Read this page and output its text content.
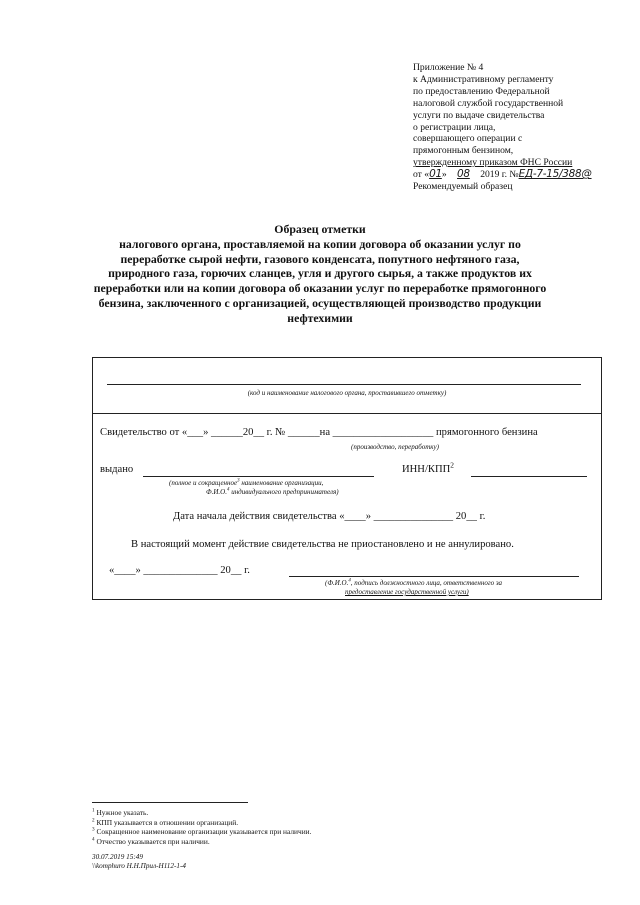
Приложение № 4
к Административному регламенту
по предоставлению Федеральной
налоговой службой государственной
услуги по выдаче свидетельства
о регистрации лица,
совершающего операции с
прямогонным бензином,
утвержденному приказом ФНС России
от «01» 08 2019 г. №ЕД-7-15/388@
Рекомендуемый образец
Образец отметки
налогового органа, проставляемой на копии договора об оказании услуг по
переработке сырой нефти, газового конденсата, попутного нефтяного газа,
природного газа, горючих сланцев, угля и другого сырья, а также продуктов их
переработки или на копии договора об оказании услуг по переработке прямогонного
бензина, заключенного с организацией, осуществляющей производство продукции
нефтехимии
(код и наименование налогового органа, проставившего отметку)
Свидетельство от «___» ______20__ г. № ______на ___________________ прямогонного бензина
(производство, переработку)
выдано	ИНН/КПП$^2$
(полное и сокращенное$^3$ наименование организации,
Ф.И.О.$^4$ индивидуального предпринимателя)
Дата начала действия свидетельства «____» _______________ 20__ г.
В настоящий момент действие свидетельства не приостановлено и не аннулировано.
«____» ______________ 20__ г.
(Ф.И.О.$^4$, подпись должностного лица, ответственного за
предоставление государственной услуги)
$^1$ Нужное указать.
$^2$ КПП указывается в отношении организаций.
$^3$ Сокращенное наименование организации указывается при наличии.
$^4$ Отчество указывается при наличии.
30.07.2019 15:49
\\komphuro Н.Н.Прил-Н112-1-4
